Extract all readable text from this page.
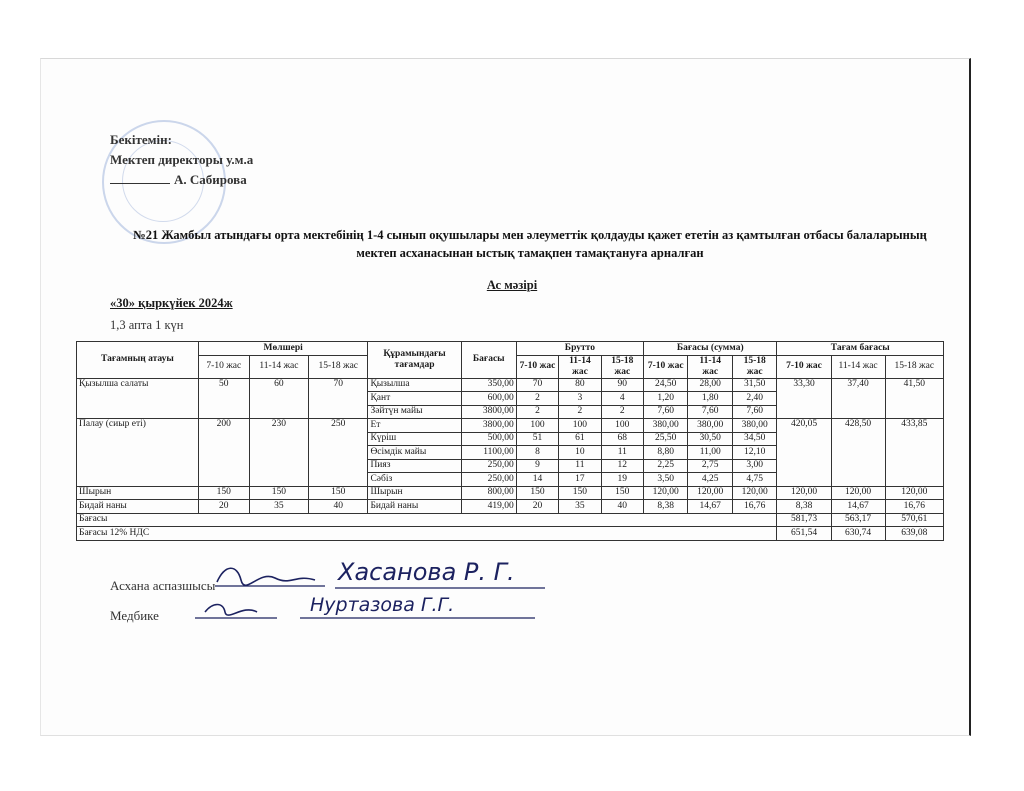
Бекітемін:
Мектеп директоры у.м.а
А. Сабирова
№21 Жамбыл атындағы орта мектебінің 1-4 сынып оқушылары мен әлеуметтік қолдауды қажет ететін аз қамтылған отбасы балаларының
мектеп асханасынан ыстық тамақпен тамақтануға арналған
Ас мәзірі
«30» қыркүйек 2024ж
1,3 апта 1 күн
Тағамның атауы	Мөлшері			Құрамындағы тағамдар	Бағасы	Брутто			Бағасы (сумма)			Тағам бағасы		
	7-10 жас	11-14 жас	15-18 жас			7-10 жас	11-14 жас	15-18 жас	7-10 жас	11-14 жас	15-18 жас	7-10 жас	11-14 жас	15-18 жас
Қызылша салаты	50	60	70	Қызылша	350,00	70	80	90	24,50	28,00	31,50	33,30	37,40	41,50
				Қант	600,00	2	3	4	1,20	1,80	2,40			
				Зәйтүн майы	3800,00	2	2	2	7,60	7,60	7,60			
Палау (сиыр еті)	200	230	250	Ет	3800,00	100	100	100	380,00	380,00	380,00	420,05	428,50	433,85
				Күріш	500,00	51	61	68	25,50	30,50	34,50			
				Өсімдік майы	1100,00	8	10	11	8,80	11,00	12,10			
				Пияз	250,00	9	11	12	2,25	2,75	3,00			
				Сәбіз	250,00	14	17	19	3,50	4,25	4,75			
Шырын	150	150	150	Шырын	800,00	150	150	150	120,00	120,00	120,00	120,00	120,00	120,00
Бидай наны	20	35	40	Бидай наны	419,00	20	35	40	8,38	14,67	16,76	8,38	14,67	16,76
Бағасы												581,73	563,17	570,61
Бағасы 12% НДС												651,54	630,74	639,08
Асхана аспазшысы	Хасанова Р. Г.
Медбике	Нуртазова Г.Г.
